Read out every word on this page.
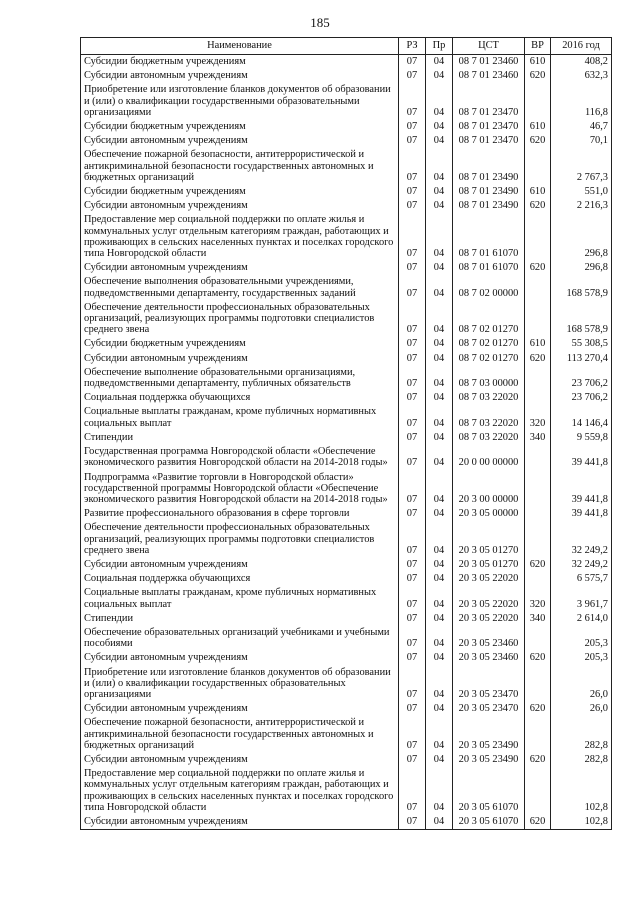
185
Наименование	РЗ	Пр	ЦСТ	ВР	2016 год
Субсидии бюджетным учреждениям	07	04	08 7 01 23460	610	408,2
Субсидии автономным учреждениям	07	04	08 7 01 23460	620	632,3
Приобретение или изготовление бланков документов об образовании и (или) о квалификации государственными образовательными организациями	07	04	08 7 01 23470		116,8
Субсидии бюджетным учреждениям	07	04	08 7 01 23470	610	46,7
Субсидии автономным учреждениям	07	04	08 7 01 23470	620	70,1
Обеспечение пожарной безопасности, антитеррористической и антикриминальной безопасности государственных автономных и бюджетных организаций	07	04	08 7 01 23490		2 767,3
Субсидии бюджетным учреждениям	07	04	08 7 01 23490	610	551,0
Субсидии автономным учреждениям	07	04	08 7 01 23490	620	2 216,3
Предоставление мер социальной поддержки по оплате жилья и коммунальных услуг отдельным категориям граждан, работающих и проживающих в сельских населенных пунктах и поселках городского типа Новгородской области	07	04	08 7 01 61070		296,8
Субсидии автономным учреждениям	07	04	08 7 01 61070	620	296,8
Обеспечение выполнения образовательными учреждениями, подведомственными департаменту, государственных заданий	07	04	08 7 02 00000		168 578,9
Обеспечение деятельности профессиональных образовательных организаций, реализующих программы подготовки специалистов среднего звена	07	04	08 7 02 01270		168 578,9
Субсидии бюджетным учреждениям	07	04	08 7 02 01270	610	55 308,5
Субсидии автономным учреждениям	07	04	08 7 02 01270	620	113 270,4
Обеспечение выполнение образовательными организациями, подведомственными департаменту, публичных обязательств	07	04	08 7 03 00000		23 706,2
Социальная поддержка обучающихся	07	04	08 7 03 22020		23 706,2
Социальные выплаты гражданам, кроме публичных нормативных социальных выплат	07	04	08 7 03 22020	320	14 146,4
Стипендии	07	04	08 7 03 22020	340	9 559,8
Государственная программа Новгородской области «Обеспечение экономического развития Новгородской области на 2014-2018 годы»	07	04	20 0 00 00000		39 441,8
Подпрограмма «Развитие торговли в Новгородской области» государственной программы Новгородской области «Обеспечение экономического развития Новгородской области на 2014-2018 годы»	07	04	20 3 00 00000		39 441,8
Развитие профессионального образования в сфере торговли	07	04	20 3 05 00000		39 441,8
Обеспечение деятельности профессиональных образовательных организаций, реализующих программы подготовки специалистов среднего звена	07	04	20 3 05 01270		32 249,2
Субсидии автономным учреждениям	07	04	20 3 05 01270	620	32 249,2
Социальная поддержка обучающихся	07	04	20 3 05 22020		6 575,7
Социальные выплаты гражданам, кроме публичных нормативных социальных выплат	07	04	20 3 05 22020	320	3 961,7
Стипендии	07	04	20 3 05 22020	340	2 614,0
Обеспечение образовательных организаций учебниками и учебными пособиями	07	04	20 3 05 23460		205,3
Субсидии автономным учреждениям	07	04	20 3 05 23460	620	205,3
Приобретение или изготовление бланков документов об образовании и (или) о квалификации государственных образовательных организациями	07	04	20 3 05 23470		26,0
Субсидии автономным учреждениям	07	04	20 3 05 23470	620	26,0
Обеспечение пожарной безопасности, антитеррористической и антикриминальной безопасности государственных автономных и бюджетных организаций	07	04	20 3 05 23490		282,8
Субсидии автономным учреждениям	07	04	20 3 05 23490	620	282,8
Предоставление мер социальной поддержки по оплате жилья и коммунальных услуг отдельным категориям граждан, работающих и проживающих в сельских населенных пунктах и поселках городского типа Новгородской области	07	04	20 3 05 61070		102,8
Субсидии автономным учреждениям	07	04	20 3 05 61070	620	102,8
